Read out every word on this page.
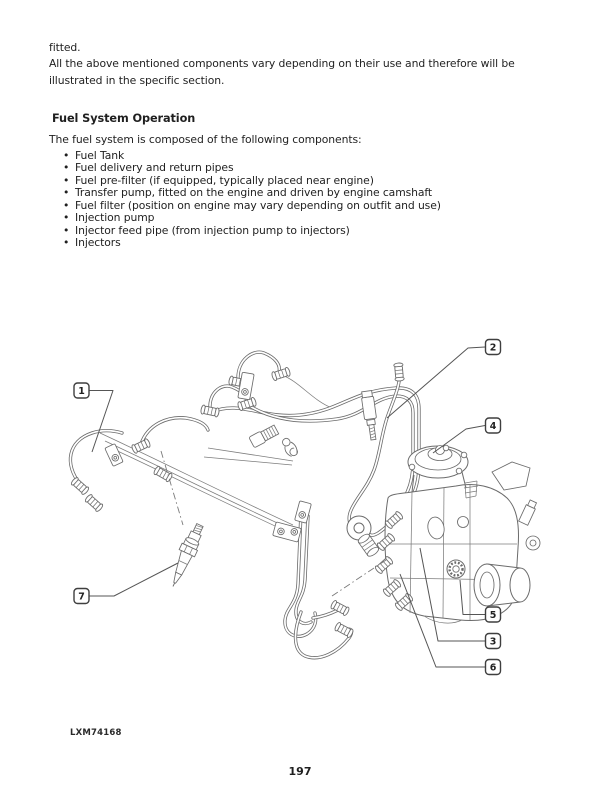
fitted.

All the above mentioned components vary depending on their use and therefore will be illustrated in the specific section.

Fuel System Operation
The fuel system is composed of the following components:
• Fuel Tank
• Fuel delivery and return pipes
• Fuel pre-filter (if equipped, typically placed near engine)
• Transfer pump, fitted on the engine and driven by engine camshaft
• Fuel filter (position on engine may vary depending on outfit and use)
• Injection pump
• Injector feed pipe (from injection pump to injectors)
• Injectors
1
2
4
5
3
6
7
LXM74168
197
